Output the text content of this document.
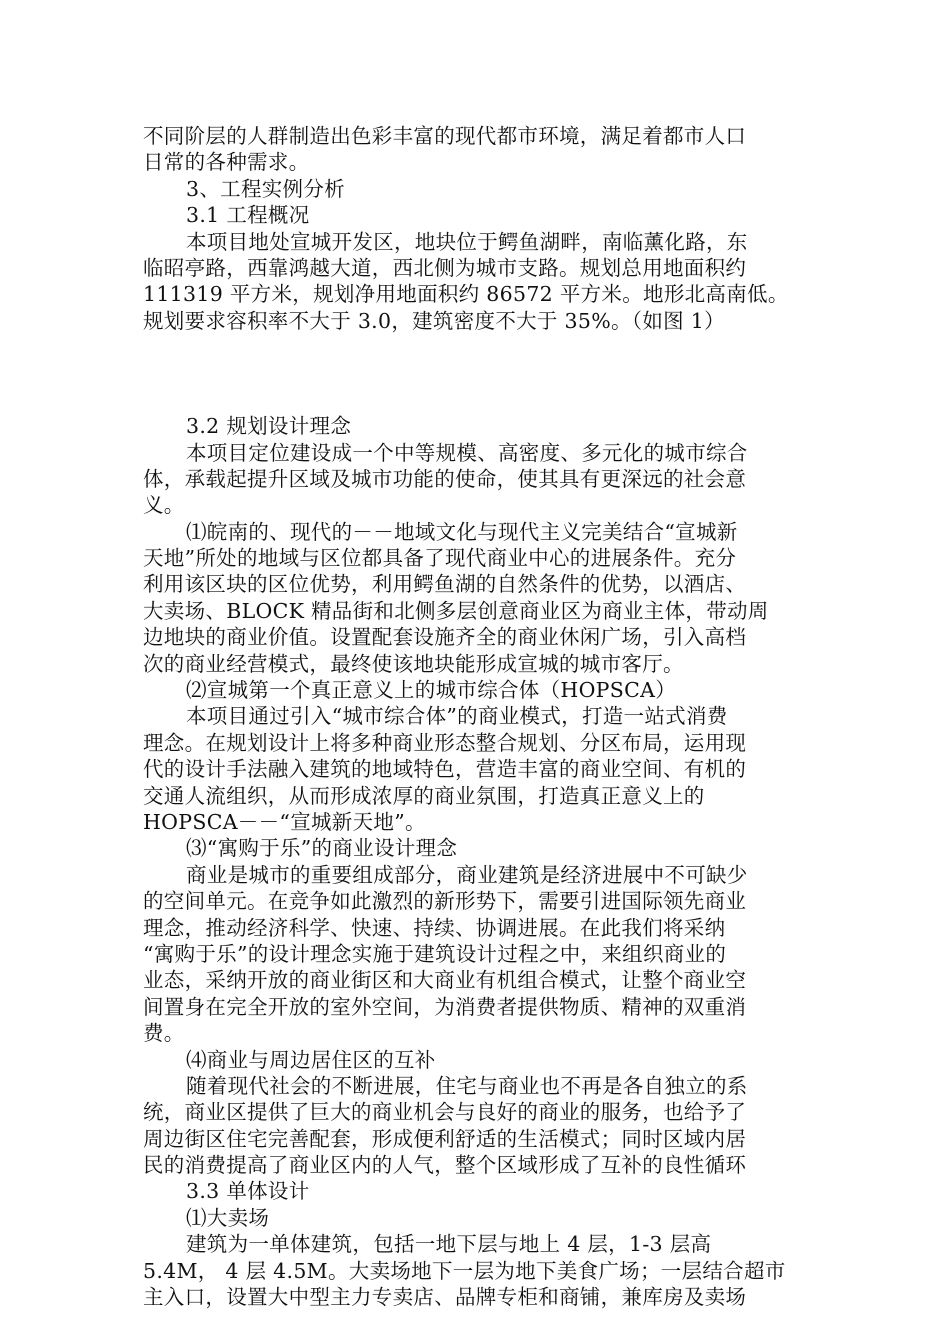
不同阶层的人群制造出色彩丰富的现代都市环境，满足着都市人口
日常的各种需求。
3、工程实例分析
3.1 工程概况
本项目地处宣城开发区，地块位于鳄鱼湖畔，南临薰化路，东
临昭亭路，西靠鸿越大道，西北侧为城市支路。规划总用地面积约
111319 平方米，规划净用地面积约 86572 平方米。地形北高南低。
规划要求容积率不大于 3.0，建筑密度不大于 35%。（如图 1）
3.2 规划设计理念
本项目定位建设成一个中等规模、高密度、多元化的城市综合
体，承载起提升区域及城市功能的使命，使其具有更深远的社会意
义。
⑴皖南的、现代的－－地域文化与现代主义完美结合“宣城新
天地”所处的地域与区位都具备了现代商业中心的进展条件。充分
利用该区块的区位优势，利用鳄鱼湖的自然条件的优势，以酒店、
大卖场、BLOCK 精品街和北侧多层创意商业区为商业主体，带动周
边地块的商业价值。设置配套设施齐全的商业休闲广场，引入高档
次的商业经营模式，最终使该地块能形成宣城的城市客厅。
⑵宣城第一个真正意义上的城市综合体（HOPSCA）
本项目通过引入“城市综合体”的商业模式，打造一站式消费
理念。在规划设计上将多种商业形态整合规划、分区布局，运用现
代的设计手法融入建筑的地域特色，营造丰富的商业空间、有机的
交通人流组织，从而形成浓厚的商业氛围，打造真正意义上的
HOPSCA－－“宣城新天地”。
⑶“寓购于乐”的商业设计理念
商业是城市的重要组成部分，商业建筑是经济进展中不可缺少
的空间单元。在竞争如此激烈的新形势下，需要引进国际领先商业
理念，推动经济科学、快速、持续、协调进展。在此我们将采纳
“寓购于乐”的设计理念实施于建筑设计过程之中，来组织商业的
业态，采纳开放的商业街区和大商业有机组合模式，让整个商业空
间置身在完全开放的室外空间，为消费者提供物质、精神的双重消
费。
⑷商业与周边居住区的互补
随着现代社会的不断进展，住宅与商业也不再是各自独立的系
统，商业区提供了巨大的商业机会与良好的商业的服务，也给予了
周边街区住宅完善配套，形成便利舒适的生活模式；同时区域内居
民的消费提高了商业区内的人气，整个区域形成了互补的良性循环
3.3 单体设计
⑴大卖场
建筑为一单体建筑，包括一地下层与地上 4 层，1-3 层高
5.4M， 4 层 4.5M。大卖场地下一层为地下美食广场；一层结合超市
主入口，设置大中型主力专卖店、品牌专柜和商铺，兼库房及卖场
